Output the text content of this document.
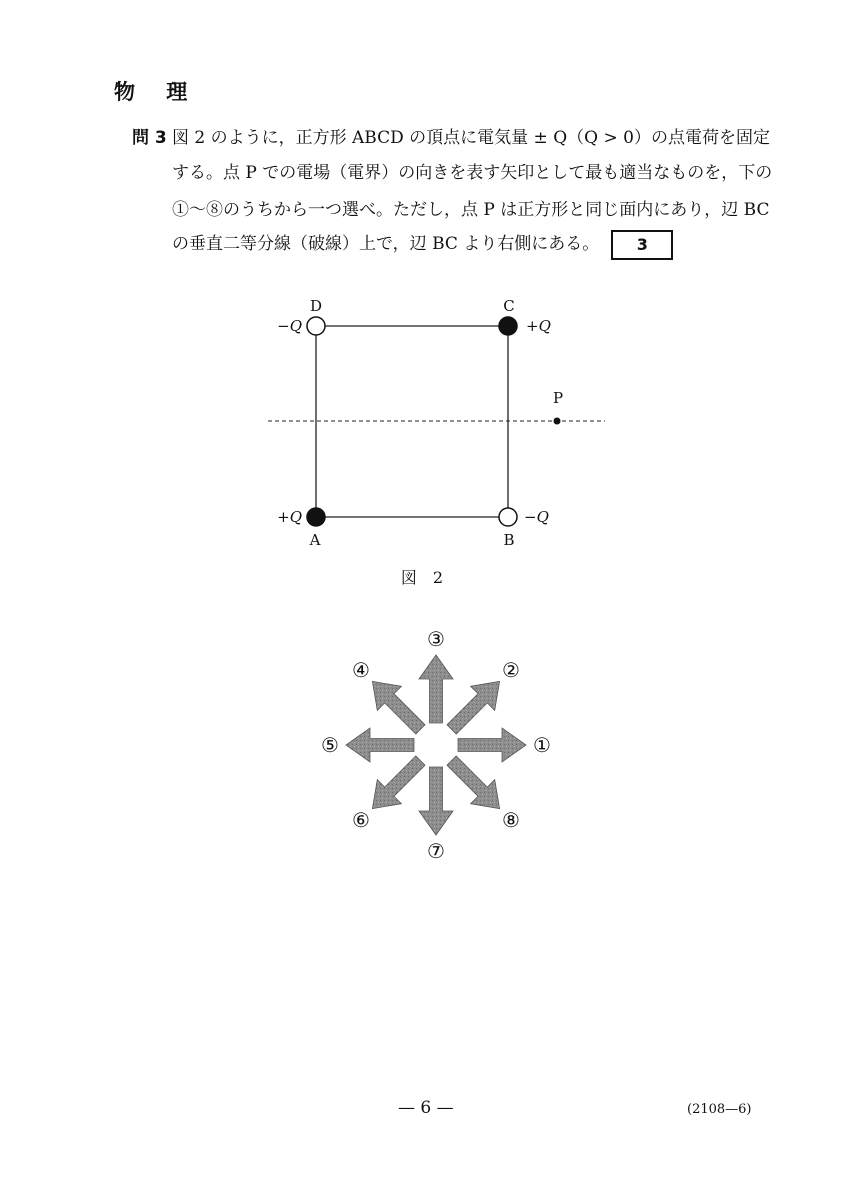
物 理
問 3 図 2 のように，正方形 ABCD の頂点に電気量 ± Q（Q > 0）の点電荷を固定
する。点 P での電場（電界）の向きを表す矢印として最も適当なものを，下の
①～⑧のうちから一つ選べ。ただし，点 P は正方形と同じ面内にあり，辺 BC
の垂直二等分線（破線）上で，辺 BC より右側にある。 3
D	C
A	B
−Q	+Q
+Q	−Q
P
図　2
①
②
③
④
⑤
⑥
⑦
⑧
— 6 —	(2108—6)
